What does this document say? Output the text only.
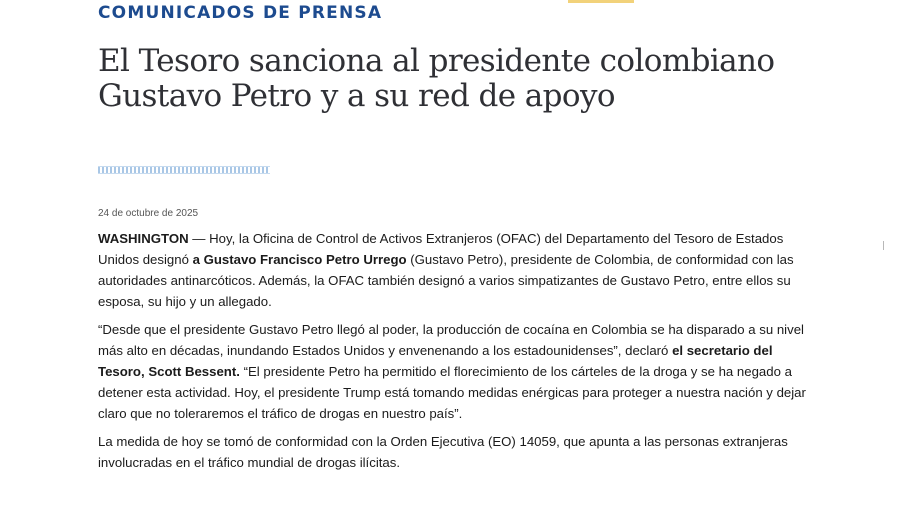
COMUNICADOS DE PRENSA
El Tesoro sanciona al presidente colombiano Gustavo Petro y a su red de apoyo
24 de octubre de 2025

WASHINGTON — Hoy, la Oficina de Control de Activos Extranjeros (OFAC) del Departamento del Tesoro de Estados Unidos designó a Gustavo Francisco Petro Urrego (Gustavo Petro), presidente de Colombia, de conformidad con las autoridades antinarcóticos. Además, la OFAC también designó a varios simpatizantes de Gustavo Petro, entre ellos su esposa, su hijo y un allegado.

“Desde que el presidente Gustavo Petro llegó al poder, la producción de cocaína en Colombia se ha disparado a su nivel más alto en décadas, inundando Estados Unidos y envenenando a los estadounidenses”, declaró el secretario del Tesoro, Scott Bessent. “El presidente Petro ha permitido el florecimiento de los cárteles de la droga y se ha negado a detener esta actividad. Hoy, el presidente Trump está tomando medidas enérgicas para proteger a nuestra nación y dejar claro que no toleraremos el tráfico de drogas en nuestro país”.

La medida de hoy se tomó de conformidad con la Orden Ejecutiva (EO) 14059, que apunta a las personas extranjeras involucradas en el tráfico mundial de drogas ilícitas.
